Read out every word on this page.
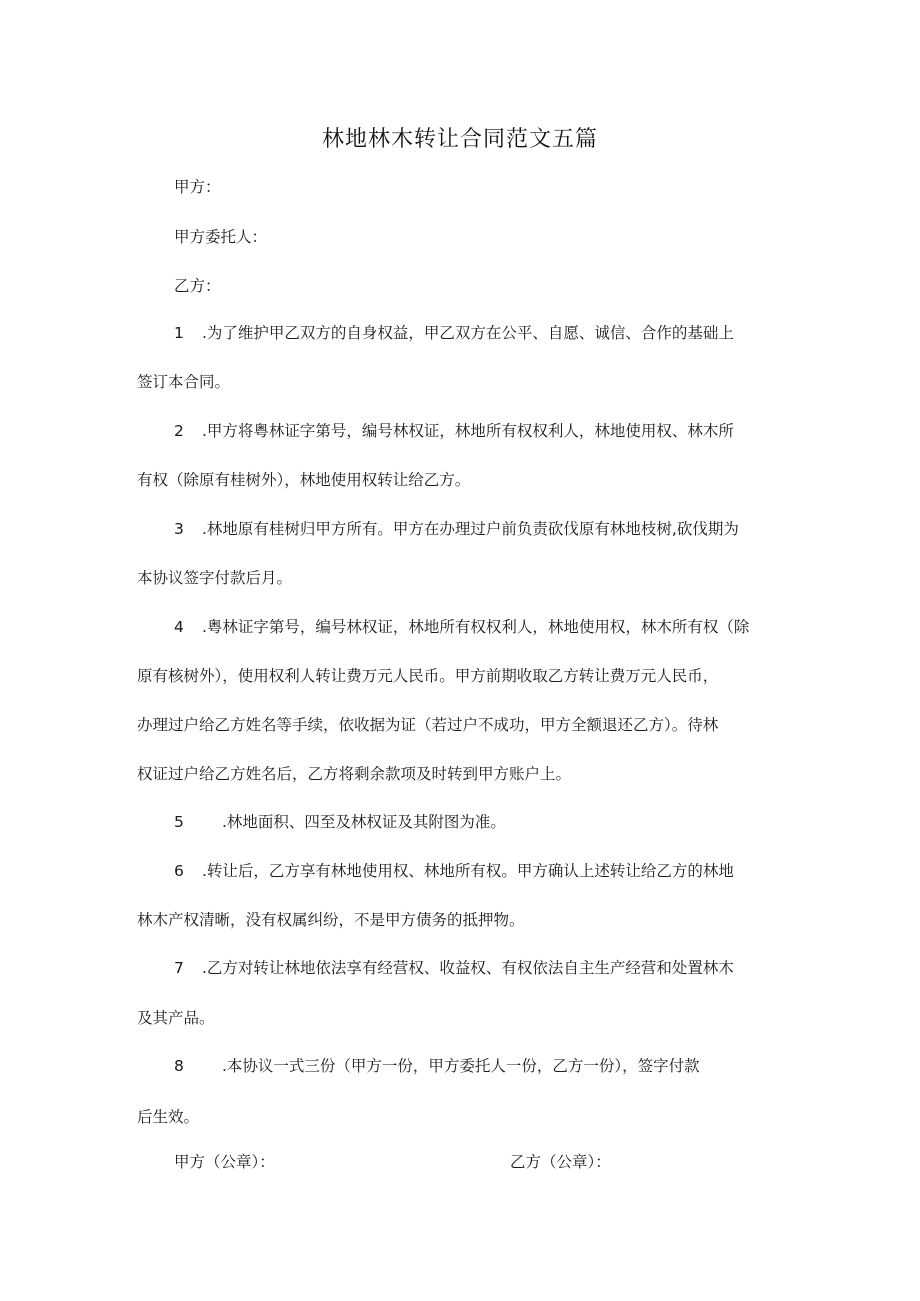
林地林木转让合同范文五篇
甲方：
甲方委托人：
乙方：
1 .为了维护甲乙双方的自身权益，甲乙双方在公平、自愿、诚信、合作的基础上
签订本合同。
2 .甲方将粤林证字第号，编号林权证，林地所有权权利人，林地使用权、林木所
有权（除原有桂树外），林地使用权转让给乙方。
3 .林地原有桂树归甲方所有。甲方在办理过户前负责砍伐原有林地枝树,砍伐期为
本协议签字付款后月。
4 .粤林证字第号，编号林权证，林地所有权权利人，林地使用权，林木所有权（除
原有核树外），使用权利人转让费万元人民币。甲方前期收取乙方转让费万元人民币，
办理过户给乙方姓名等手续，依收据为证（若过户不成功，甲方全额退还乙方）。待林
权证过户给乙方姓名后，乙方将剩余款项及时转到甲方账户上。
5 .林地面积、四至及林权证及其附图为准。
6 .转让后，乙方享有林地使用权、林地所有权。甲方确认上述转让给乙方的林地
林木产权清晰，没有权属纠纷，不是甲方债务的抵押物。
7 .乙方对转让林地依法享有经营权、收益权、有权依法自主生产经营和处置林木
及其产品。
8 .本协议一式三份（甲方一份，甲方委托人一份，乙方一份），签字付款
后生效。
甲方（公章）：	乙方（公章）：
